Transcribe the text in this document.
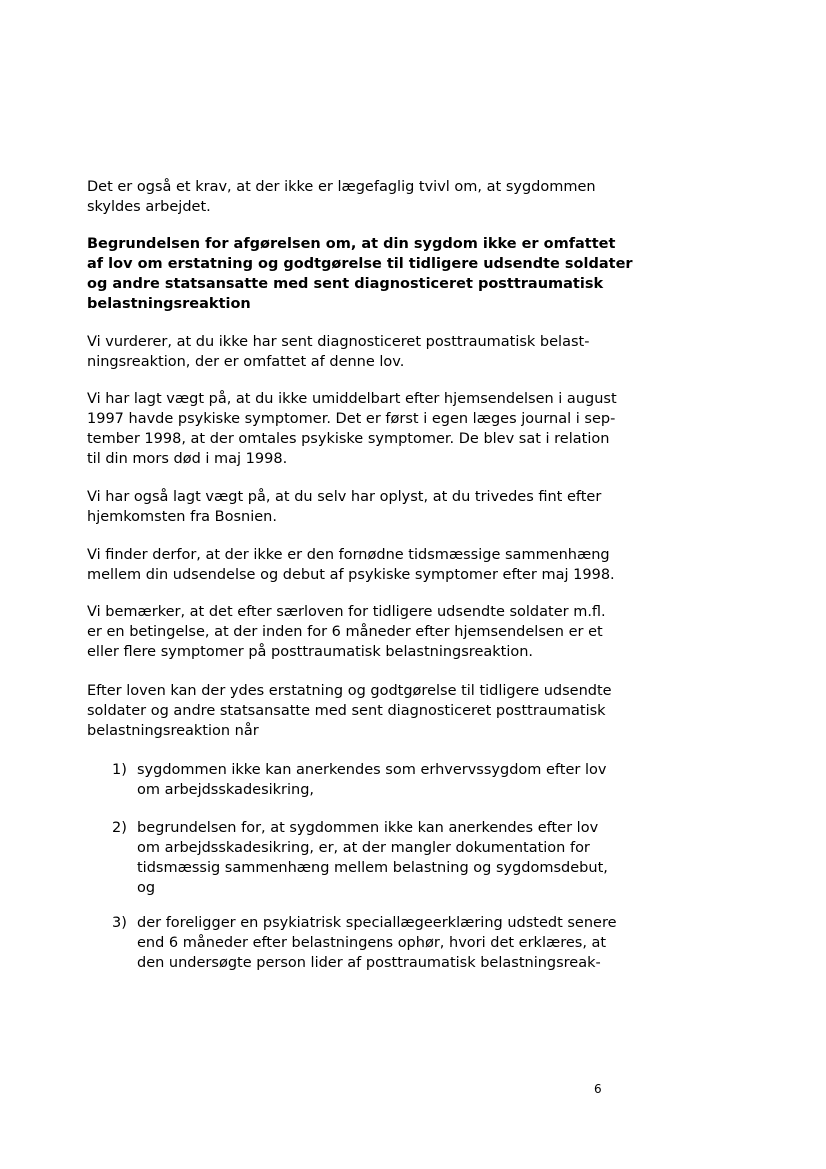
Det er også et krav, at der ikke er lægefaglig tvivl om, at sygdommen
skyldes arbejdet.
Begrundelsen for afgørelsen om, at din sygdom ikke er omfattet
af lov om erstatning og godtgørelse til tidligere udsendte soldater
og andre statsansatte med sent diagnosticeret posttraumatisk
belastningsreaktion
Vi vurderer, at du ikke har sent diagnosticeret posttraumatisk belast-
ningsreaktion, der er omfattet af denne lov.
Vi har lagt vægt på, at du ikke umiddelbart efter hjemsendelsen i august
1997 havde psykiske symptomer. Det er først i egen læges journal i sep-
tember 1998, at der omtales psykiske symptomer. De blev sat i relation
til din mors død i maj 1998.
Vi har også lagt vægt på, at du selv har oplyst, at du trivedes fint efter
hjemkomsten fra Bosnien.
Vi finder derfor, at der ikke er den fornødne tidsmæssige sammenhæng
mellem din udsendelse og debut af psykiske symptomer efter maj 1998.
Vi bemærker, at det efter særloven for tidligere udsendte soldater m.fl.
er en betingelse, at der inden for 6 måneder efter hjemsendelsen er et
eller flere symptomer på posttraumatisk belastningsreaktion.
Efter loven kan der ydes erstatning og godtgørelse til tidligere udsendte
soldater og andre statsansatte med sent diagnosticeret posttraumatisk
belastningsreaktion når
1) sygdommen ikke kan anerkendes som erhvervssygdom efter lov
om arbejdsskadesikring,
2) begrundelsen for, at sygdommen ikke kan anerkendes efter lov
om arbejdsskadesikring, er, at der mangler dokumentation for
tidsmæssig sammenhæng mellem belastning og sygdomsdebut,
og
3) der foreligger en psykiatrisk speciallægeerklæring udstedt senere
end 6 måneder efter belastningens ophør, hvori det erklæres, at
den undersøgte person lider af posttraumatisk belastningsreak-
6
